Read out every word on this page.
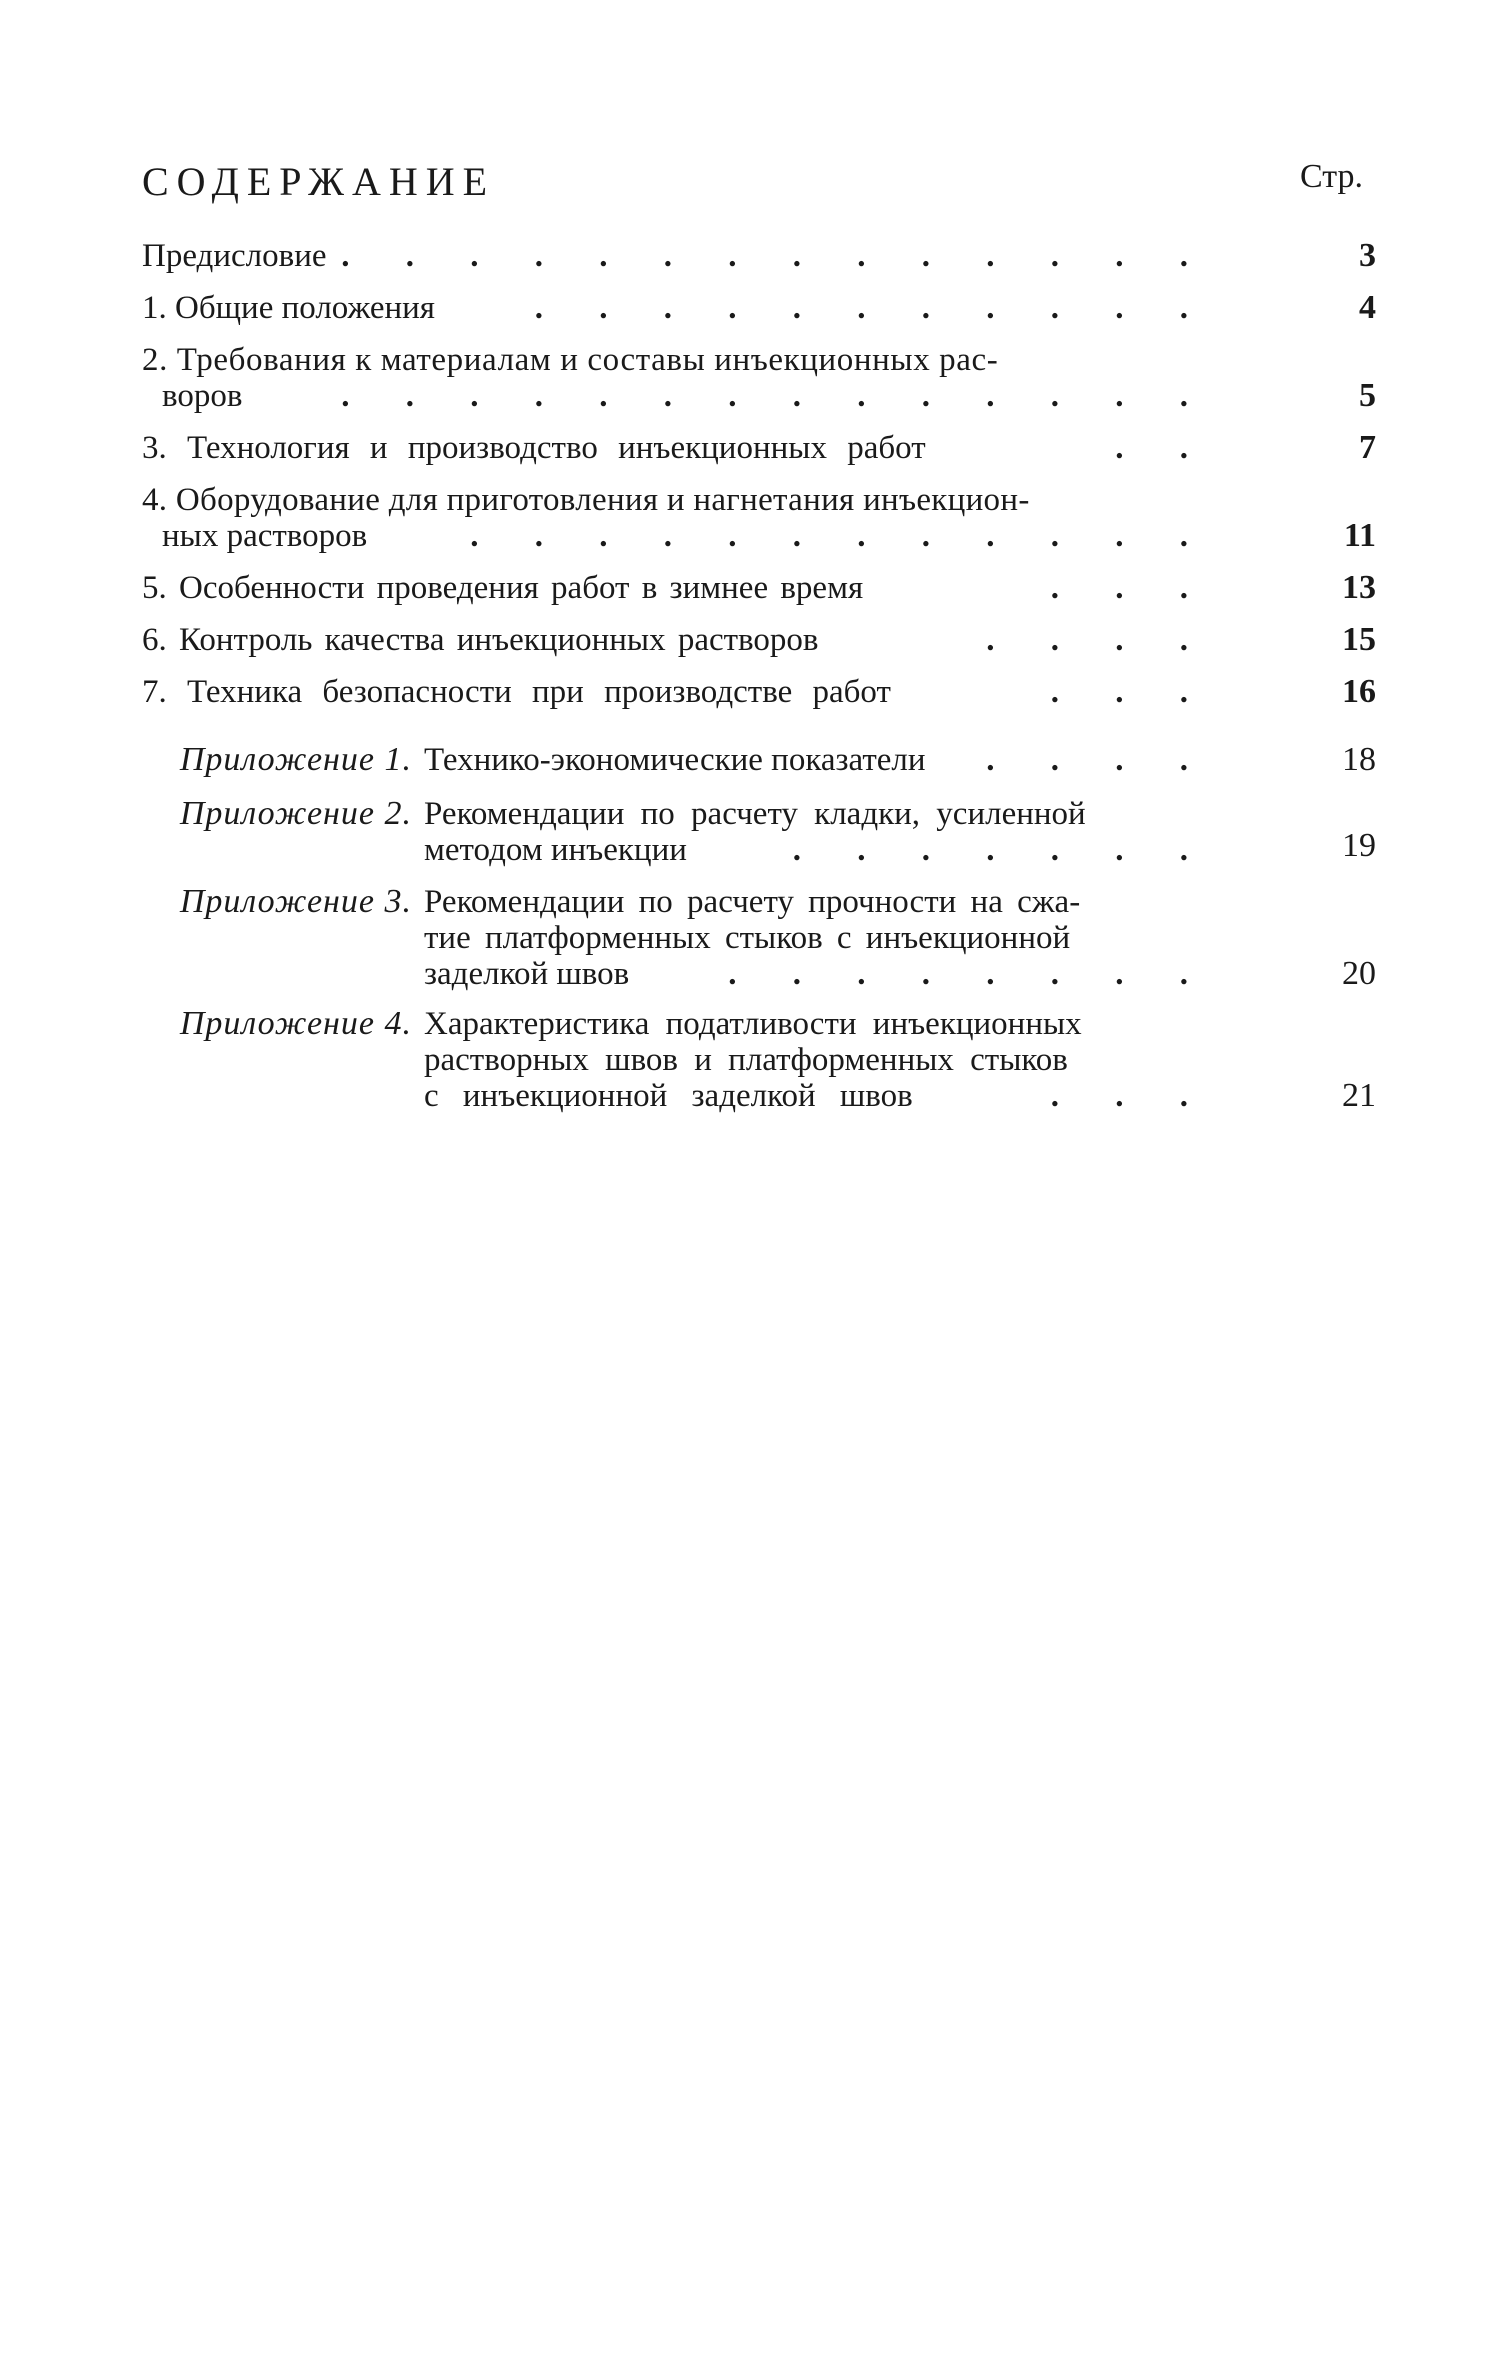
СОДЕРЖАНИЕ	Стр.
Предисловие . . . . . . . . . . . . . .	3
1. Общие положения	. . . . . . . . . . .	4
2. Требования к материалам и составы инъекционных рас-
воров	. . . . . . . . . . . . . .	5
3. Технология и производство инъекционных работ	. .	7
4. Оборудование для приготовления и нагнетания инъекцион-
ных растворов	. . . . . . . . . . . .	11
5. Особенности проведения работ в зимнее время	. . .	13
6. Контроль качества инъекционных растворов	. . . .	15
7. Техника безопасности при производстве работ	. . .	16
Приложение 1. Технико-экономические показатели . . . .	18
Приложение 2. Рекомендации по расчету кладки, усиленной
методом инъекции	. . . . . . .	19
Приложение 3. Рекомендации по расчету прочности на сжа-
тие платформенных стыков с инъекционной
заделкой швов	. . . . . . . .	20
Приложение 4. Характеристика податливости инъекционных
растворных швов и платформенных стыков
с инъекционной заделкой швов	. . .	21
